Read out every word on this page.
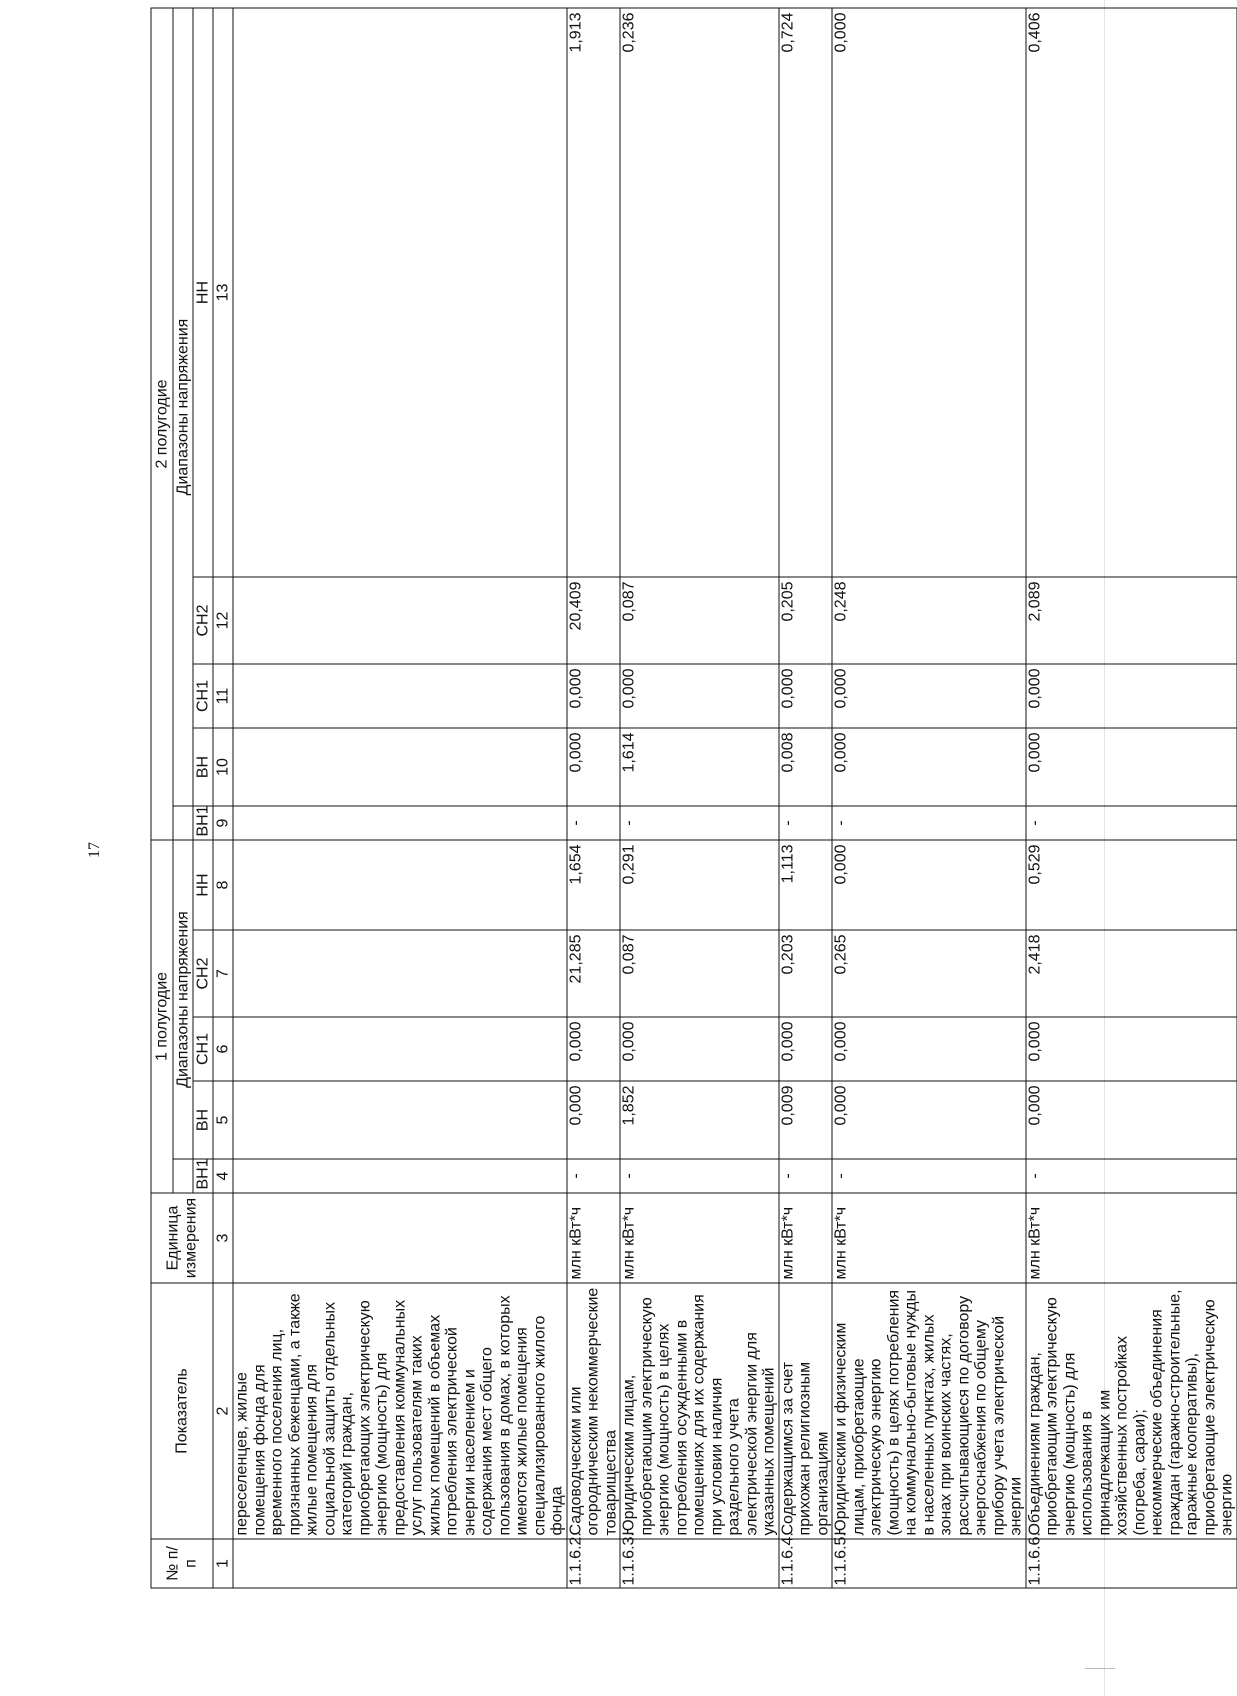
17
№ п/п	Показатель	Единица измерения	1 полугодие					2 полугодие				
				Диапазоны напряжения					Диапазоны напряжения			
			ВН1	ВН	СН1	СН2	НН	ВН1	ВН	СН1	СН2	НН
1	2	3	4	5	6	7	8	9	10	11	12	13
	переселенцев, жилые помещения фонда для временного поселения лиц, признанных беженцами, а также жилые помещения для социальной защиты отдельных категорий граждан, приобретающих электрическую энергию (мощность) для предоставления коммунальных услуг пользователям таких жилых помещений в объемах потребления электрической энергии населением и содержания мест общего пользования в домах, в которых имеются жилые помещения специализированного жилого фонда											
1.1.6.2.	Садоводческим или огородническим некоммерческие товарищества	млн кВт*ч	-	0,000	0,000	21,285	1,654	-	0,000	0,000	20,409	1,913
1.1.6.3.	Юридическим лицам, приобретающим электрическую энергию (мощность) в целях потребления осужденными в помещениях для их содержания при условии наличия раздельного учета электрической энергии для указанных помещений	млн кВт*ч	-	1,852	0,000	0,087	0,291	-	1,614	0,000	0,087	0,236
1.1.6.4.	Содержащимся за счет прихожан религиозным организациям	млн кВт*ч	-	0,009	0,000	0,203	1,113	-	0,008	0,000	0,205	0,724
1.1.6.5.	Юридическим и физическим лицам, приобретающие электрическую энергию (мощность) в целях потребления на коммунально-бытовые нужды в населенных пунктах, жилых зонах при воинских частях, рассчитывающиеся по договору энергоснабжения по общему прибору учета электрической энергии	млн кВт*ч	-	0,000	0,000	0,265	0,000	-	0,000	0,000	0,248	0,000
1.1.6.6.	Объединениям граждан, приобретающим электрическую энергию (мощность) для использования в принадлежащих им хозяйственных постройках (погреба, сараи); некоммерческие объединения граждан (гаражно-строительные, гаражные кооперативы), приобретающие электрическую энергию	млн кВт*ч	-	0,000	0,000	2,418	0,529	-	0,000	0,000	2,089	0,406
